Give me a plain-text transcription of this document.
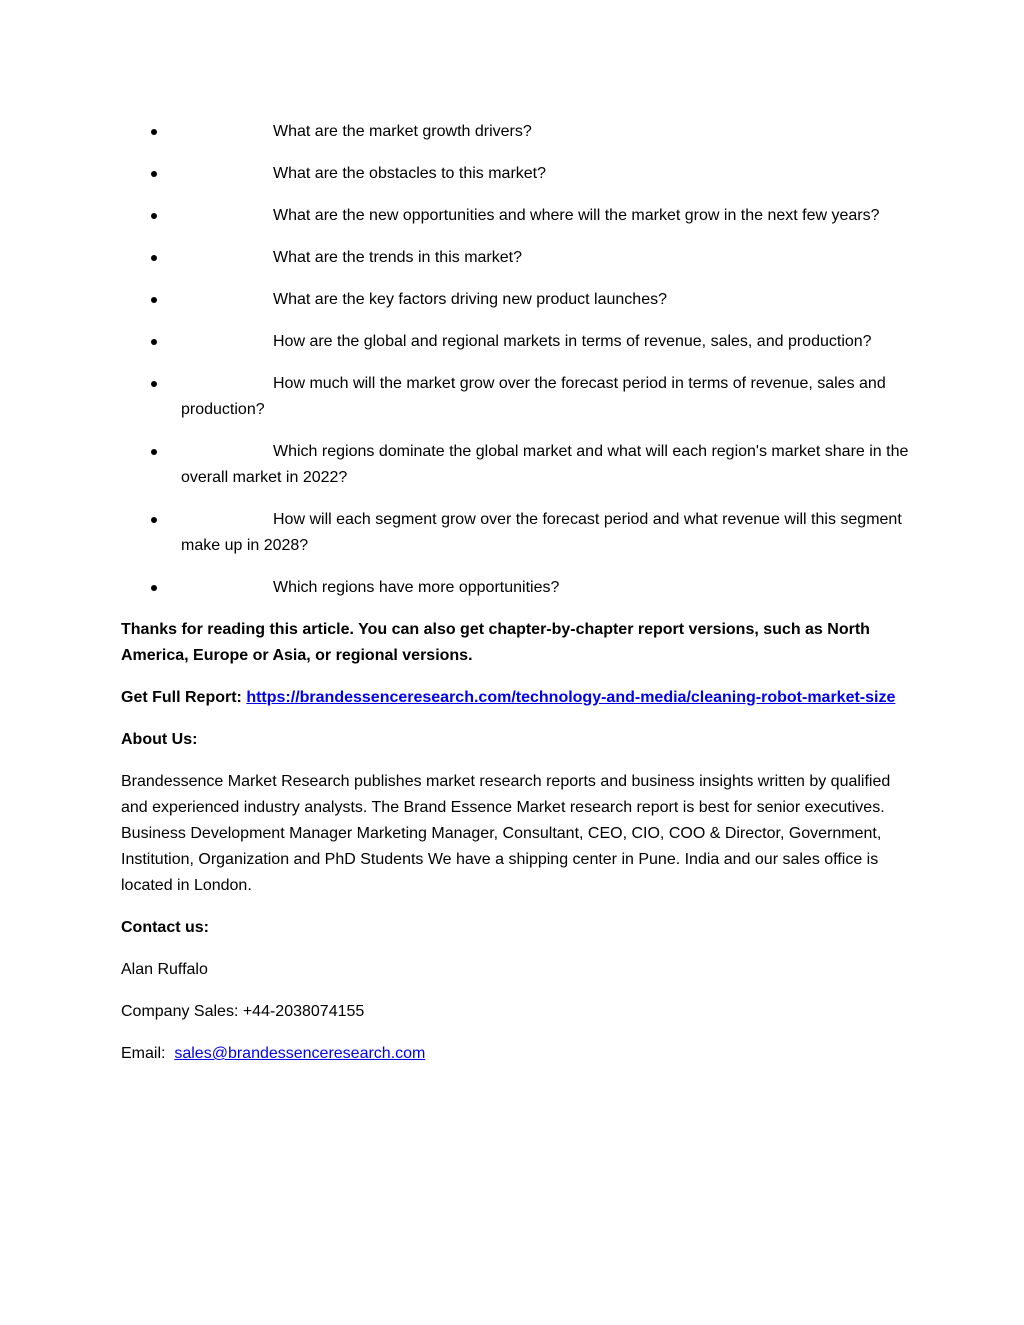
What are the market growth drivers?
What are the obstacles to this market?
What are the new opportunities and where will the market grow in the next few years?
What are the trends in this market?
What are the key factors driving new product launches?
How are the global and regional markets in terms of revenue, sales, and production?
How much will the market grow over the forecast period in terms of revenue, sales and production?
Which regions dominate the global market and what will each region's market share in the overall market in 2022?
How will each segment grow over the forecast period and what revenue will this segment make up in 2028?
Which regions have more opportunities?

Thanks for reading this article. You can also get chapter-by-chapter report versions, such as North America, Europe or Asia, or regional versions.

Get Full Report: https://brandessenceresearch.com/technology-and-media/cleaning-robot-market-size

About Us:

Brandessence Market Research publishes market research reports and business insights written by qualified and experienced industry analysts. The Brand Essence Market research report is best for senior executives. Business Development Manager Marketing Manager, Consultant, CEO, CIO, COO & Director, Government, Institution, Organization and PhD Students We have a shipping center in Pune. India and our sales office is located in London.

Contact us:

Alan Ruffalo

Company Sales: +44-2038074155

Email:  sales@brandessenceresearch.com
